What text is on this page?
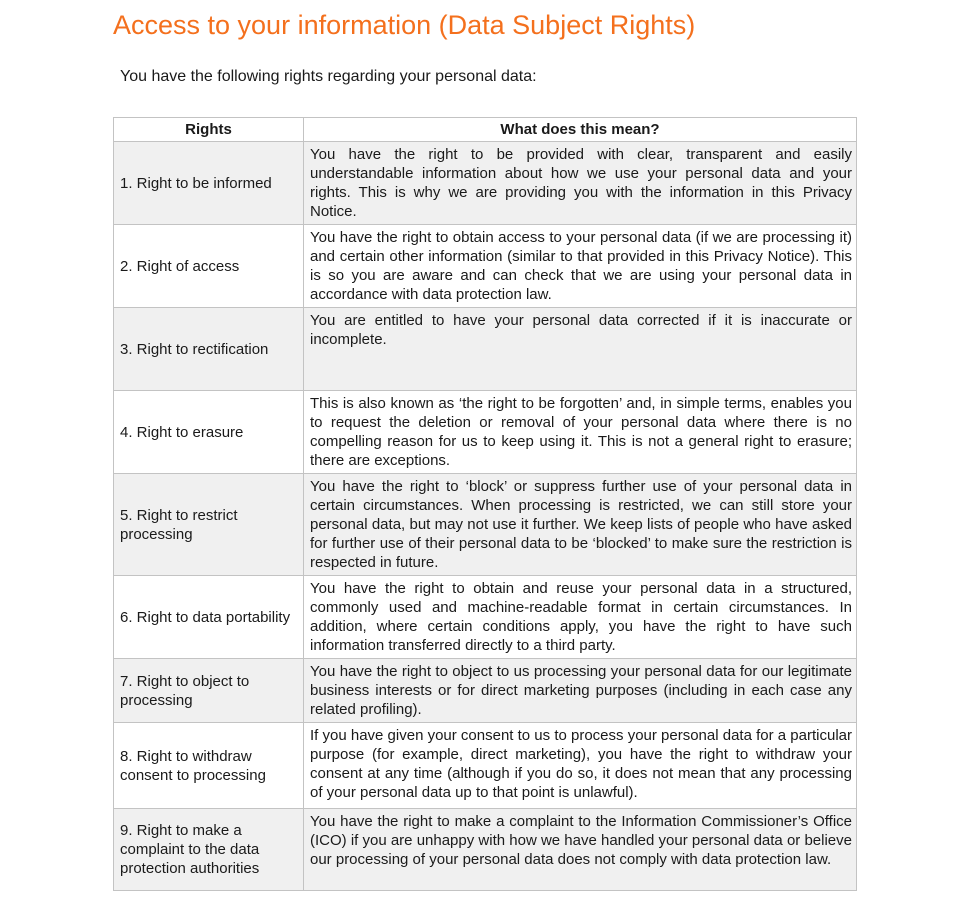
Access to your information (Data Subject Rights)

You have the following rights regarding your personal data:

Rights	What does this mean?
1. Right to be informed	You have the right to be provided with clear, transparent and easily understandable information about how we use your personal data and your rights. This is why we are providing you with the information in this Privacy Notice.
2. Right of access	You have the right to obtain access to your personal data (if we are processing it) and certain other information (similar to that provided in this Privacy Notice). This is so you are aware and can check that we are using your personal data in accordance with data protection law.
3. Right to rectification	You are entitled to have your personal data corrected if it is inaccurate or incomplete.
4. Right to erasure	This is also known as ‘the right to be forgotten’ and, in simple terms, enables you to request the deletion or removal of your personal data where there is no compelling reason for us to keep using it. This is not a general right to erasure; there are exceptions.
5. Right to restrict processing	You have the right to ‘block’ or suppress further use of your personal data in certain circumstances. When processing is restricted, we can still store your personal data, but may not use it further. We keep lists of people who have asked for further use of their personal data to be ‘blocked’ to make sure the restriction is respected in future.
6. Right to data portability	You have the right to obtain and reuse your personal data in a structured, commonly used and machine-readable format in certain circumstances. In addition, where certain conditions apply, you have the right to have such information transferred directly to a third party.
7. Right to object to processing	You have the right to object to us processing your personal data for our legitimate business interests or for direct marketing purposes (including in each case any related profiling).
8. Right to withdraw consent to processing	If you have given your consent to us to process your personal data for a particular purpose (for example, direct marketing), you have the right to withdraw your consent at any time (although if you do so, it does not mean that any processing of your personal data up to that point is unlawful).
9. Right to make a complaint to the data protection authorities	You have the right to make a complaint to the Information Commissioner’s Office (ICO) if you are unhappy with how we have handled your personal data or believe our processing of your personal data does not comply with data protection law.
